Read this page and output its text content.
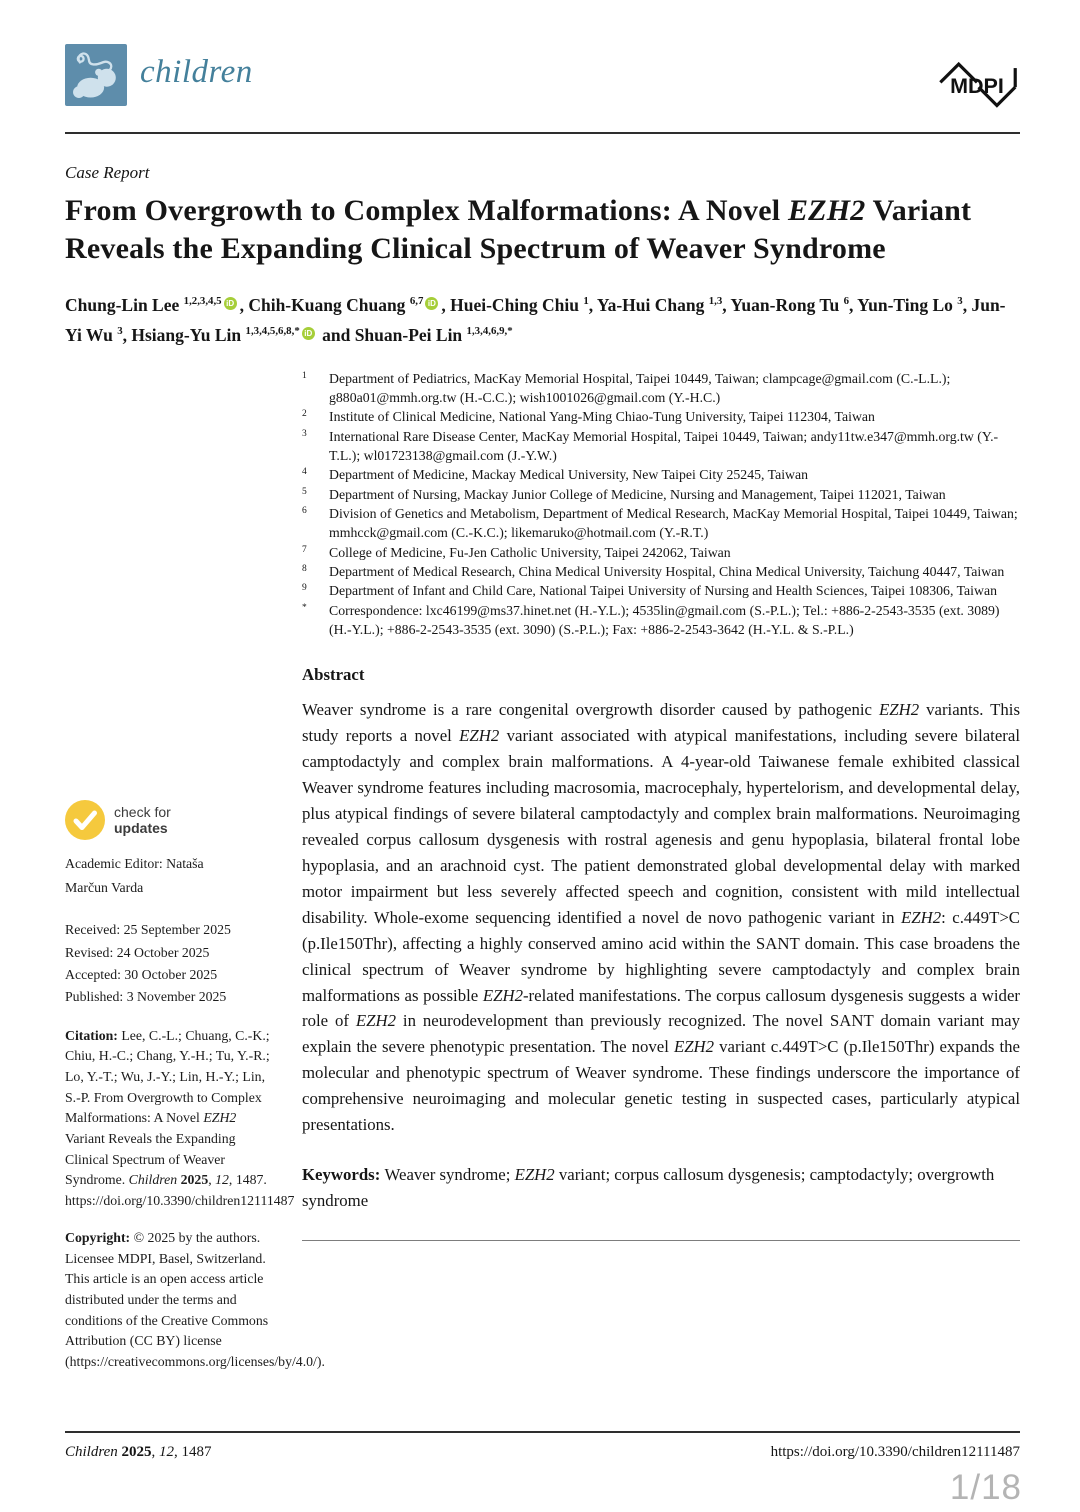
children	MDPI
Case Report
From Overgrowth to Complex Malformations: A Novel EZH2 Variant Reveals the Expanding Clinical Spectrum of Weaver Syndrome
Chung-Lin Lee $^{1,2,3,4,5}$ iD , Chih-Kuang Chuang $^{6,7}$ iD , Huei-Ching Chiu $^1$, Ya-Hui Chang $^{1,3}$, Yuan-Rong Tu $^6$, Yun-Ting Lo $^3$, Jun-Yi Wu $^3$, Hsiang-Yu Lin $^{1,3,4,5,6,8,*}$ iD and Shuan-Pei Lin $^{1,3,4,6,9,*}$
check for
updates
Academic Editor: Nataša Marčun Varda
Received: 25 September 2025
Revised: 24 October 2025
Accepted: 30 October 2025
Published: 3 November 2025
Citation: Lee, C.-L.; Chuang, C.-K.; Chiu, H.-C.; Chang, Y.-H.; Tu, Y.-R.; Lo, Y.-T.; Wu, J.-Y.; Lin, H.-Y.; Lin, S.-P. From Overgrowth to Complex Malformations: A Novel EZH2 Variant Reveals the Expanding Clinical Spectrum of Weaver Syndrome. Children 2025, 12, 1487. https://doi.org/10.3390/children12111487
Copyright: © 2025 by the authors. Licensee MDPI, Basel, Switzerland. This article is an open access article distributed under the terms and conditions of the Creative Commons Attribution (CC BY) license (https://creativecommons.org/licenses/by/4.0/).
1	Department of Pediatrics, MacKay Memorial Hospital, Taipei 10449, Taiwan; clampcage@gmail.com (C.-L.L.); g880a01@mmh.org.tw (H.-C.C.); wish1001026@gmail.com (Y.-H.C.)
2	Institute of Clinical Medicine, National Yang-Ming Chiao-Tung University, Taipei 112304, Taiwan
3	International Rare Disease Center, MacKay Memorial Hospital, Taipei 10449, Taiwan; andy11tw.e347@mmh.org.tw (Y.-T.L.); wl01723138@gmail.com (J.-Y.W.)
4	Department of Medicine, Mackay Medical University, New Taipei City 25245, Taiwan
5	Department of Nursing, Mackay Junior College of Medicine, Nursing and Management, Taipei 112021, Taiwan
6	Division of Genetics and Metabolism, Department of Medical Research, MacKay Memorial Hospital, Taipei 10449, Taiwan; mmhcck@gmail.com (C.-K.C.); likemaruko@hotmail.com (Y.-R.T.)
7	College of Medicine, Fu-Jen Catholic University, Taipei 242062, Taiwan
8	Department of Medical Research, China Medical University Hospital, China Medical University, Taichung 40447, Taiwan
9	Department of Infant and Child Care, National Taipei University of Nursing and Health Sciences, Taipei 108306, Taiwan
*	Correspondence: lxc46199@ms37.hinet.net (H.-Y.L.); 4535lin@gmail.com (S.-P.L.); Tel.: +886-2-2543-3535 (ext. 3089) (H.-Y.L.); +886-2-2543-3535 (ext. 3090) (S.-P.L.); Fax: +886-2-2543-3642 (H.-Y.L. & S.-P.L.)
Abstract
Weaver syndrome is a rare congenital overgrowth disorder caused by pathogenic EZH2 variants. This study reports a novel EZH2 variant associated with atypical manifestations, including severe bilateral camptodactyly and complex brain malformations. A 4-year-old Taiwanese female exhibited classical Weaver syndrome features including macrosomia, macrocephaly, hypertelorism, and developmental delay, plus atypical findings of severe bilateral camptodactyly and complex brain malformations. Neuroimaging revealed corpus callosum dysgenesis with rostral agenesis and genu hypoplasia, bilateral frontal lobe hypoplasia, and an arachnoid cyst. The patient demonstrated global developmental delay with marked motor impairment but less severely affected speech and cognition, consistent with mild intellectual disability. Whole-exome sequencing identified a novel de novo pathogenic variant in EZH2: c.449T>C (p.Ile150Thr), affecting a highly conserved amino acid within the SANT domain. This case broadens the clinical spectrum of Weaver syndrome by highlighting severe camptodactyly and complex brain malformations as possible EZH2-related manifestations. The corpus callosum dysgenesis suggests a wider role of EZH2 in neurodevelopment than previously recognized. The novel SANT domain variant may explain the severe phenotypic presentation. The novel EZH2 variant c.449T>C (p.Ile150Thr) expands the molecular and phenotypic spectrum of Weaver syndrome. These findings underscore the importance of comprehensive neuroimaging and molecular genetic testing in suspected cases, particularly atypical presentations.
Keywords: Weaver syndrome; EZH2 variant; corpus callosum dysgenesis; camptodactyly; overgrowth syndrome
Children 2025, 12, 1487	https://doi.org/10.3390/children12111487
1/18
